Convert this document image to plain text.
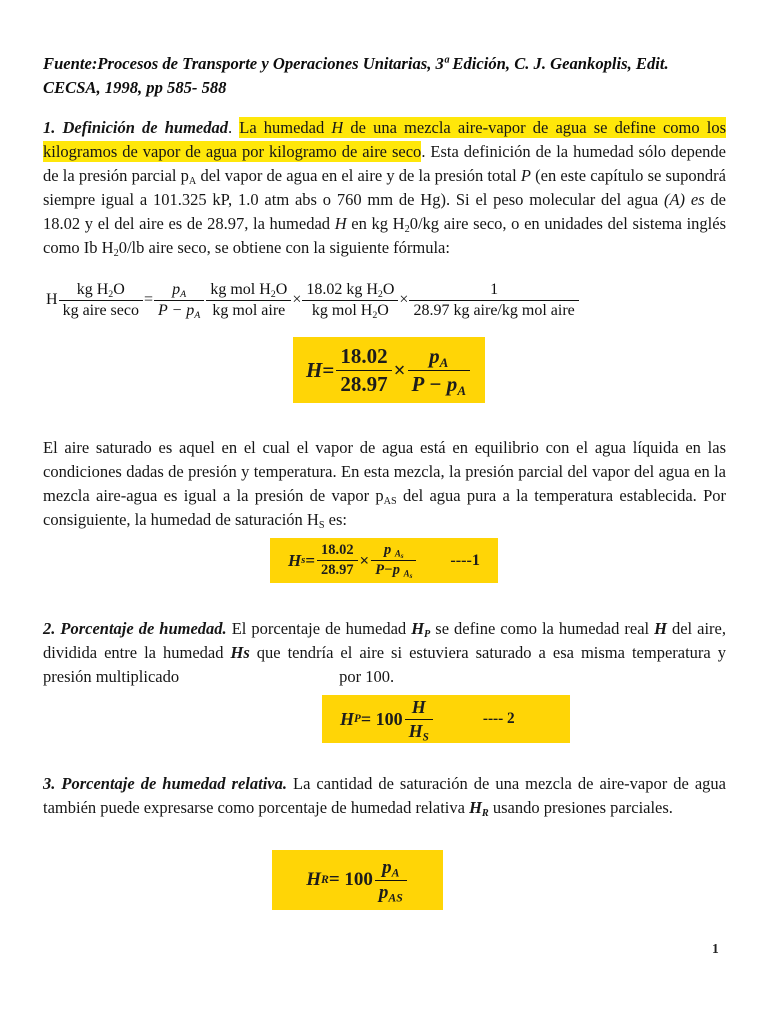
Fuente:Procesos de Transporte y Operaciones Unitarias, 3ª Edición, C. J. Geankoplis, Edit.
CECSA, 1998, pp 585- 588
1. Definición de humedad. La humedad H de una mezcla aire-vapor de agua se define como los kilogramos de vapor de agua por kilogramo de aire seco. Esta definición de la humedad sólo depende de la presión parcial $p_A$ del vapor de agua en el aire y de la presión total P (en este capítulo se supondrá siempre igual a 101.325 kP, 1.0 atm abs o 760 mm de Hg). Si el peso molecular del agua (A) es de 18.02 y el del aire es de 28.97, la humedad H en kg $H_20/kg$ aire seco, o en unidades del sistema inglés como Ib $H_20/lb$ aire seco, se obtiene con la siguiente fórmula:
H $\frac{kg H_2O}{\text{kg aire seco}} = \frac{p_A}{P - p_A} \frac{kg mol H_2O}{\text{kg mol aire}} \times \frac{18.02 kg H_2O}{kg mol H_2O} \times \frac{1}{\text{28.97 kg aire/kg mol aire}}$
$H = \frac{18.02}{28.97} \times \frac{p_A}{P - p_A}$
El aire saturado es aquel en el cual el vapor de agua está en equilibrio con el agua líquida en las condiciones dadas de presión y temperatura. En esta mezcla, la presión parcial del vapor del agua en la mezcla aire-agua es igual a la presión de vapor $p_{AS}$ del agua pura a la temperatura establecida. Por consiguiente, la humedad de saturación $H_S$ es:
H $s = \frac{18.02}{28.97} \times \frac{p _{As}}{P-p _{As}} ----1$
2. Porcentaje de humedad. El porcentaje de humedad $H_P$ se define como la humedad real H del aire, dividida entre la humedad Hs que tendría el aire si estuviera saturado a esa misma temperatura y presión multiplicado	por 100.
H $P = 100 \frac{H}{H_S}$	---- 2
3. Porcentaje de humedad relativa. La cantidad de saturación de una mezcla de aire-vapor de agua también puede expresarse como porcentaje de humedad relativa $H_R$ usando presiones parciales.
H $R = 100 \frac{p_A}{p_{AS}}$
1
